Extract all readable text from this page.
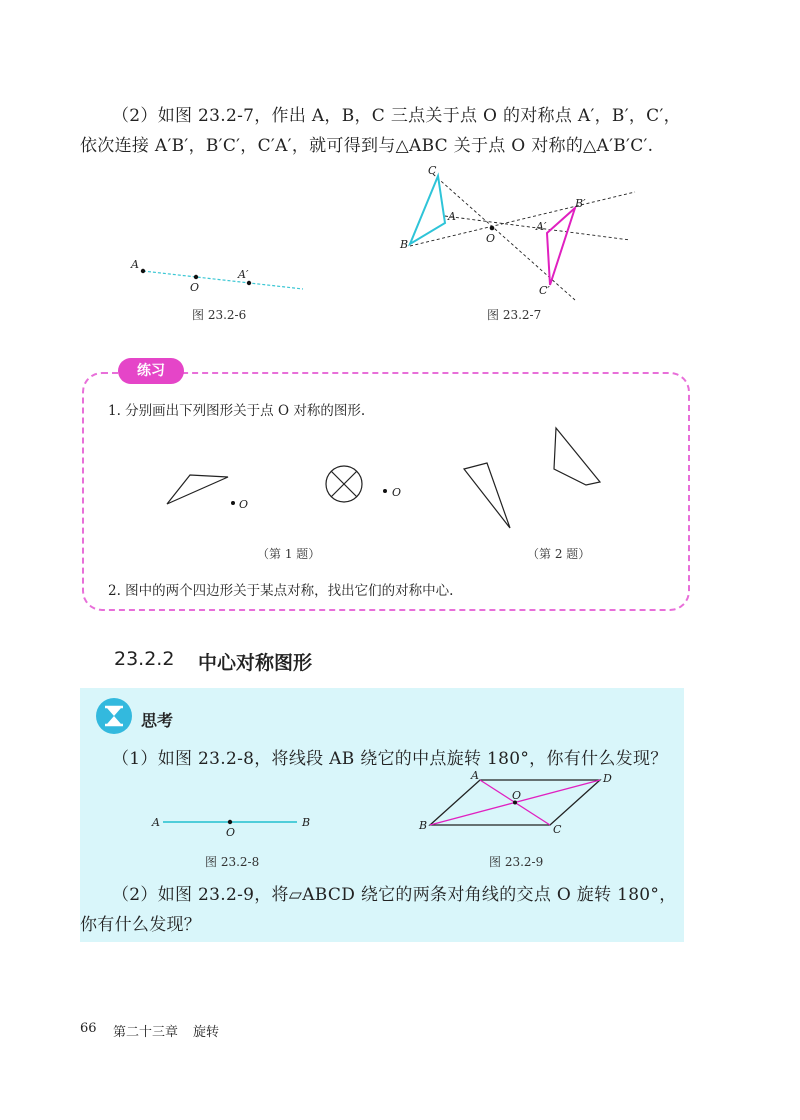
（2）如图 23.2-7，作出 A，B，C 三点关于点 O 的对称点 A′，B′，C′，
依次连接 A′B′，B′C′，C′A′，就可得到与△ABC 关于点 O 对称的△A′B′C′.
A
O
A′
图 23.2-6
C
A
B	O
A′
B′
C′
图 23.2-7
练习
1. 分别画出下列图形关于点 O 对称的图形.
O
O
（第 1 题）	（第 2 题）
2. 图中的两个四边形关于某点对称，找出它们的对称中心.
23.2.2 中心对称图形
思考
（1）如图 23.2-8，将线段 AB 绕它的中点旋转 180°，你有什么发现？
A
O
B
图 23.2-8
A	D
O
B	C
图 23.2-9
（2）如图 23.2-9，将▱ABCD 绕它的两条对角线的交点 O 旋转 180°，
你有什么发现？
66 第二十三章 旋转
